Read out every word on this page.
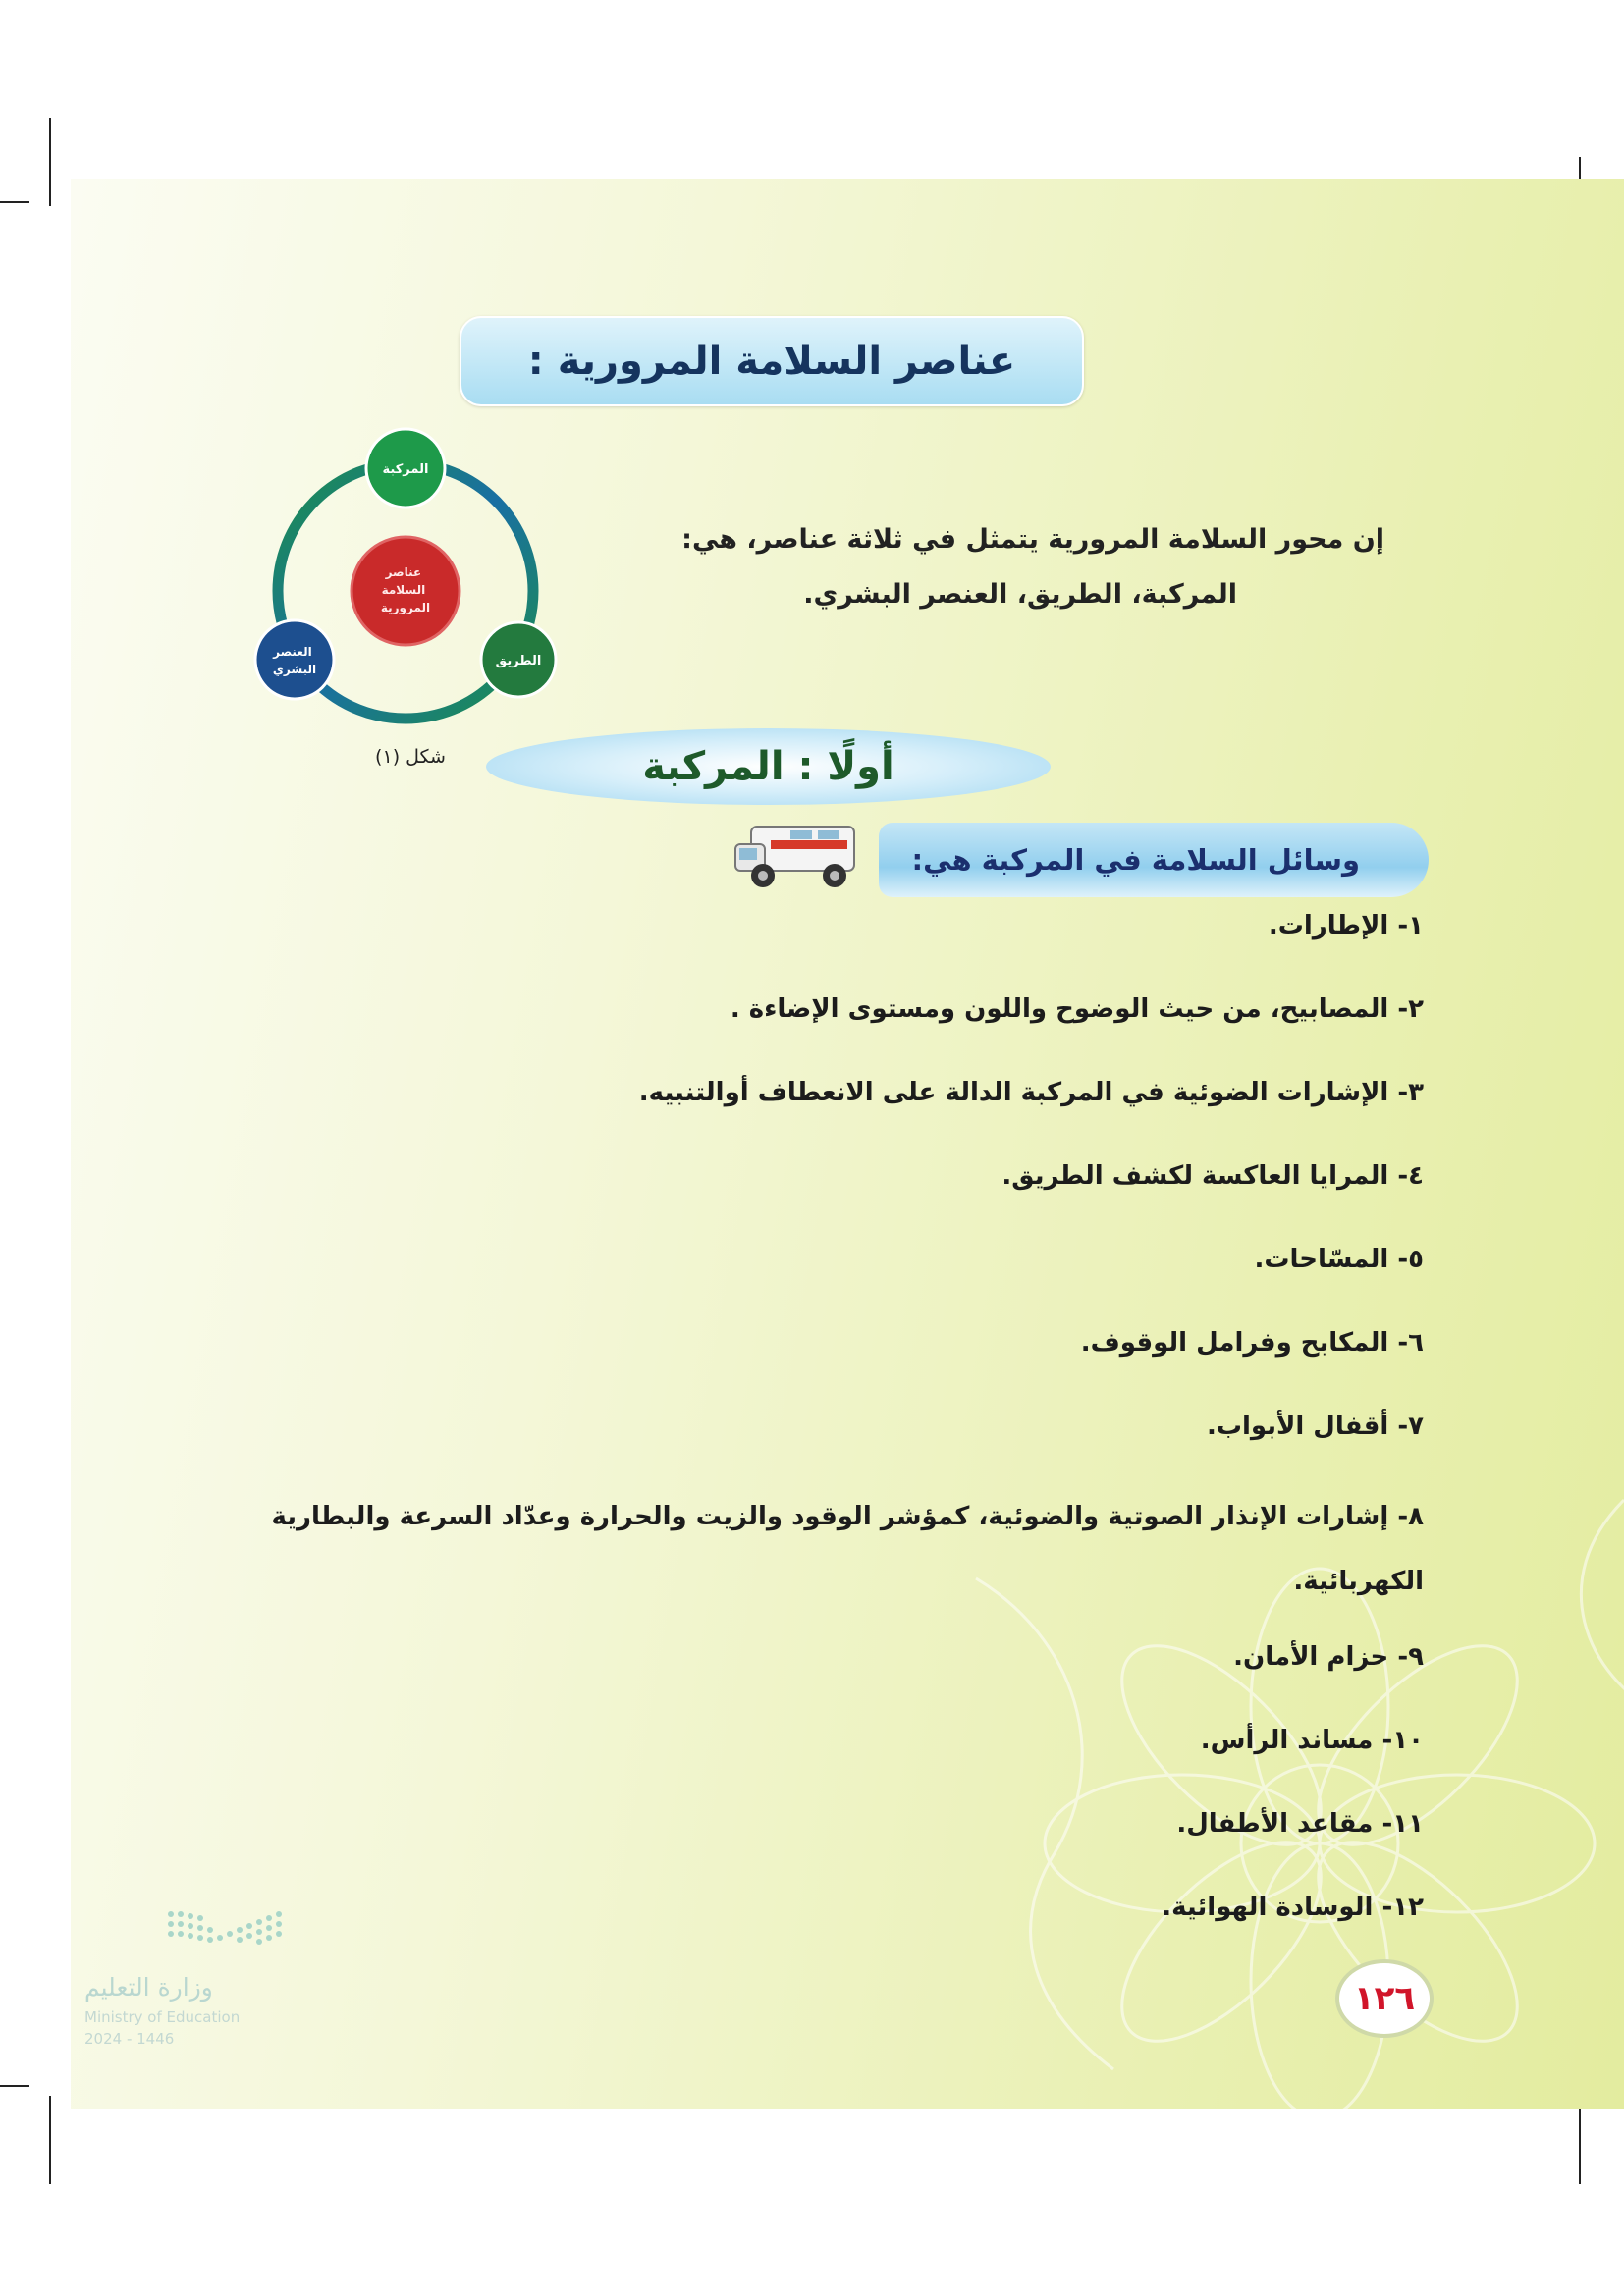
عناصر السلامة المرورية :
عناصر السلامة المرورية
المركبة
الطريق
العنصر البشري
شكل (١)
إن محور السلامة المرورية يتمثل في ثلاثة عناصر، هي:
المركبة، الطريق، العنصر البشري.
أولًا : المركبة
وسائل السلامة في المركبة هي:
١- الإطارات.
٢- المصابيح، من حيث الوضوح واللون ومستوى الإضاءة .
٣- الإشارات الضوئية في المركبة الدالة على الانعطاف أوالتنبيه.
٤- المرايا العاكسة لكشف الطريق.
٥- المسّاحات.
٦- المكابح وفرامل الوقوف.
٧- أقفال الأبواب.
٨- إشارات الإنذار الصوتية والضوئية، كمؤشر الوقود والزيت والحرارة وعدّاد السرعة والبطارية الكهربائية.
٩- حزام الأمان.
١٠- مساند الرأس.
١١- مقاعد الأطفال.
١٢- الوسادة الهوائية.
وزارة التعليم
Ministry of Education
2024 - 1446
١٢٦
